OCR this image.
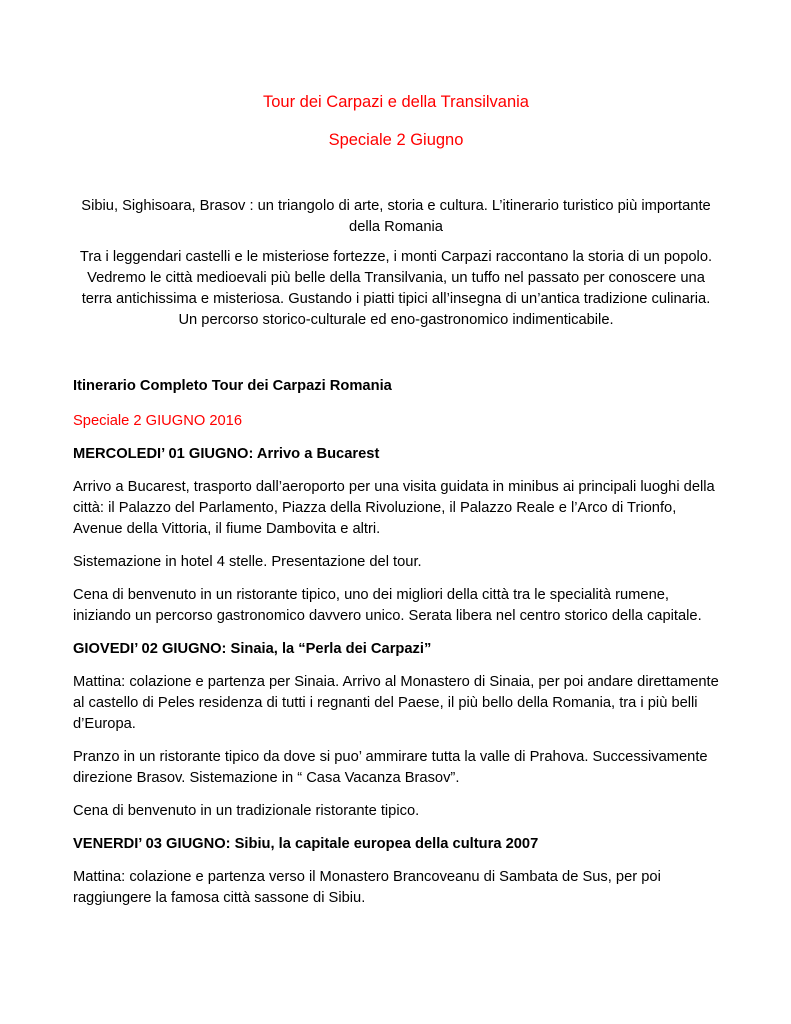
Tour dei Carpazi e della Transilvania

Speciale 2 Giugno

Sibiu, Sighisoara, Brasov : un triangolo di arte, storia e cultura. L’itinerario turistico più importante della Romania

Tra i leggendari castelli e le misteriose fortezze, i monti Carpazi raccontano la storia di un popolo. Vedremo le città medioevali più belle della Transilvania, un tuffo nel passato per conoscere una terra antichissima e misteriosa. Gustando i piatti tipici all’insegna di un’antica tradizione culinaria. Un percorso storico-culturale ed eno-gastronomico indimenticabile.

Itinerario Completo Tour dei Carpazi Romania

Speciale 2 GIUGNO 2016

MERCOLEDI’ 01 GIUGNO: Arrivo a Bucarest

Arrivo a Bucarest, trasporto dall’aeroporto per una visita guidata in minibus ai principali luoghi della città: il Palazzo del Parlamento, Piazza della Rivoluzione, il Palazzo Reale e l’Arco di Trionfo, Avenue della Vittoria, il fiume Dambovita e altri.

Sistemazione in hotel 4 stelle. Presentazione del tour.

Cena di benvenuto in un ristorante tipico, uno dei migliori della città tra le specialità rumene, iniziando un percorso gastronomico davvero unico. Serata libera nel centro storico della capitale.

GIOVEDI’ 02 GIUGNO: Sinaia, la “Perla dei Carpazi”

Mattina: colazione e partenza per Sinaia. Arrivo al Monastero di Sinaia, per poi andare direttamente al castello di Peles residenza di tutti i regnanti del Paese, il più bello della Romania, tra i più belli d’Europa.

Pranzo in un ristorante tipico da dove si puo’ ammirare tutta la valle di Prahova. Successivamente direzione Brasov. Sistemazione in “ Casa Vacanza Brasov”.

Cena di benvenuto in un tradizionale ristorante tipico.

VENERDI’ 03 GIUGNO: Sibiu, la capitale europea della cultura 2007

Mattina: colazione e partenza verso il Monastero Brancoveanu di Sambata de Sus, per poi raggiungere la famosa città sassone di Sibiu.
